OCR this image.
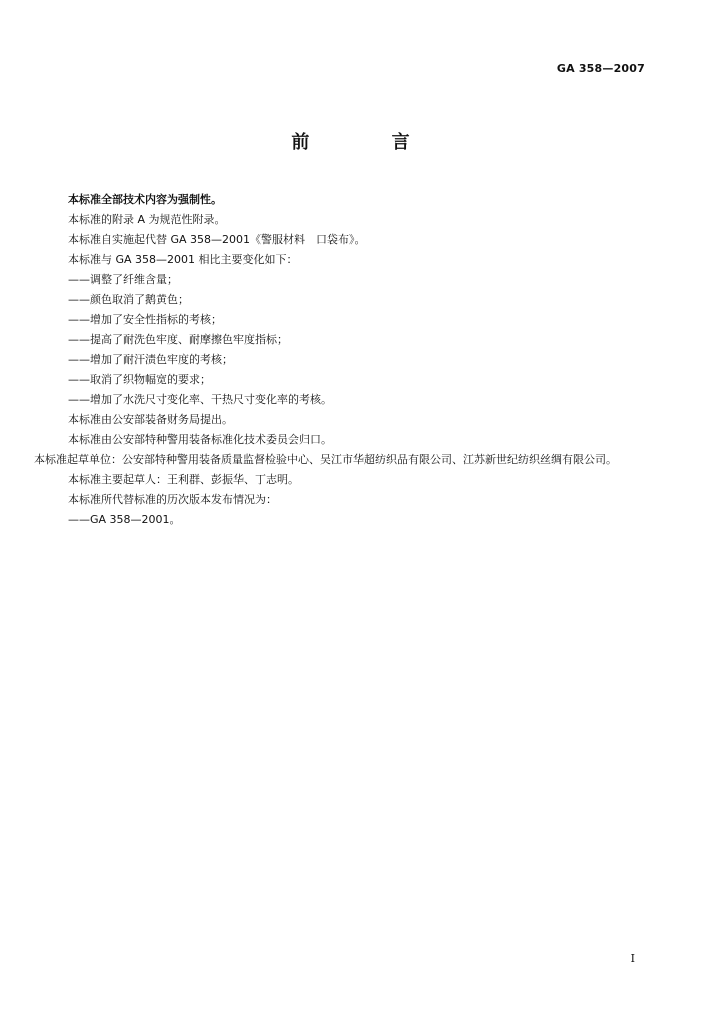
GA 358—2007
前 言

本标准全部技术内容为强制性。

本标准的附录 A 为规范性附录。

本标准自实施起代替 GA 358—2001《警服材料　口袋布》。

本标准与 GA 358—2001 相比主要变化如下：

——调整了纤维含量；

——颜色取消了鹅黄色；

——增加了安全性指标的考核；

——提高了耐洗色牢度、耐摩擦色牢度指标；

——增加了耐汗渍色牢度的考核；

——取消了织物幅宽的要求；

——增加了水洗尺寸变化率、干热尺寸变化率的考核。

本标准由公安部装备财务局提出。

本标准由公安部特种警用装备标准化技术委员会归口。

本标准起草单位：公安部特种警用装备质量监督检验中心、吴江市华超纺织品有限公司、江苏新世纪纺织丝绸有限公司。

本标准主要起草人：王利群、彭振华、丁志明。

本标准所代替标准的历次版本发布情况为：

——GA 358—2001。

I
